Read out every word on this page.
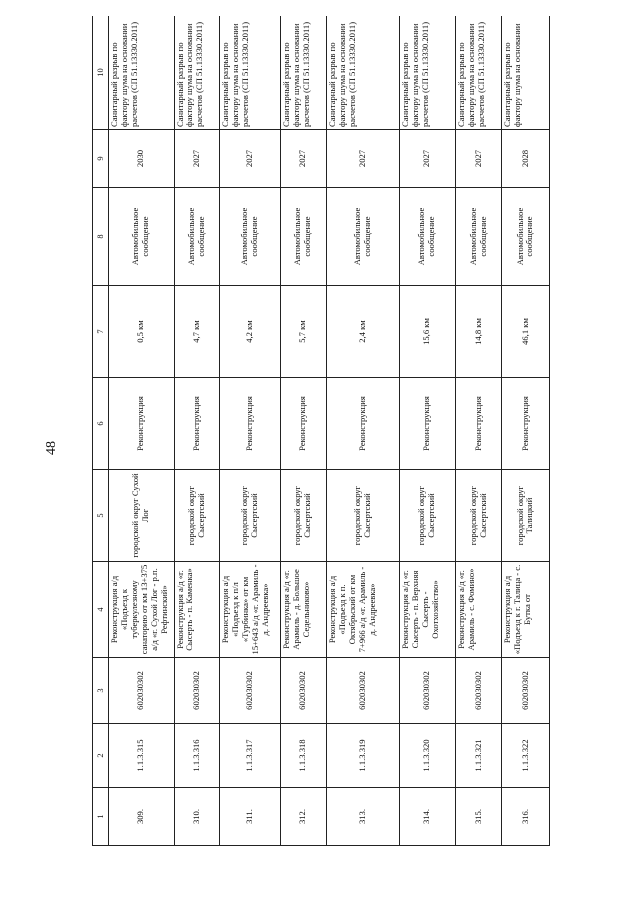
48
1	2	3	4	5	6	7	8	9	10
309.	1.1.3.315	602030302	Реконструкция а/д «Подъезд к туберкулезному санаторию от км 13+375 а/д «г. Сухой Лог - р.п. Рефтинский»	городской округ Сухой Лог	Реконструкция	0,5 км	Автомобильное сообщение	2030	Санитарный разрыв по фактору шума на основании расчетов (СП 51.13330.2011)
310.	1.1.3.316	602030302	Реконструкция а/д «г. Сысерть - п. Каменка»	городской округ Сысертский	Реконструкция	4,7 км	Автомобильное сообщение	2027	Санитарный разрыв по фактору шума на основании расчетов (СП 51.13330.2011)
311.	1.1.3.317	602030302	Реконструкция а/д «Подъезд к п/л «Турбинка» от км 15+643 а/д «г. Арамиль - д. Андреевка»	городской округ Сысертский	Реконструкция	4,2 км	Автомобильное сообщение	2027	Санитарный разрыв по фактору шума на основании расчетов (СП 51.13330.2011)
312.	1.1.3.318	602030302	Реконструкция а/д «г. Арамиль - д. Большое Седельниково»	городской округ Сысертский	Реконструкция	5,7 км	Автомобильное сообщение	2027	Санитарный разрыв по фактору шума на основании расчетов (СП 51.13330.2011)
313.	1.1.3.319	602030302	Реконструкция а/д «Подъезд к п. Октябрьский от км 7+966 а/д «г. Арамиль - д. Андреевка»	городской округ Сысертский	Реконструкция	2,4 км	Автомобильное сообщение	2027	Санитарный разрыв по фактору шума на основании расчетов (СП 51.13330.2011)
314.	1.1.3.320	602030302	Реконструкция а/д «г. Сысерть - п. Верхняя Сысерть - Охотхозяйство»	городской округ Сысертский	Реконструкция	15,6 км	Автомобильное сообщение	2027	Санитарный разрыв по фактору шума на основании расчетов (СП 51.13330.2011)
315.	1.1.3.321	602030302	Реконструкция а/д «г. Арамиль - с. Фомино»	городской округ Сысертский	Реконструкция	14,8 км	Автомобильное сообщение	2027	Санитарный разрыв по фактору шума на основании расчетов (СП 51.13330.2011)
316.	1.1.3.322	602030302	Реконструкция а/д «Подъезд к г. Талица - с. Бутка от	городской округ Талицкий	Реконструкция	46,1 км	Автомобильное сообщение	2028	Санитарный разрыв по фактору шума на основании
